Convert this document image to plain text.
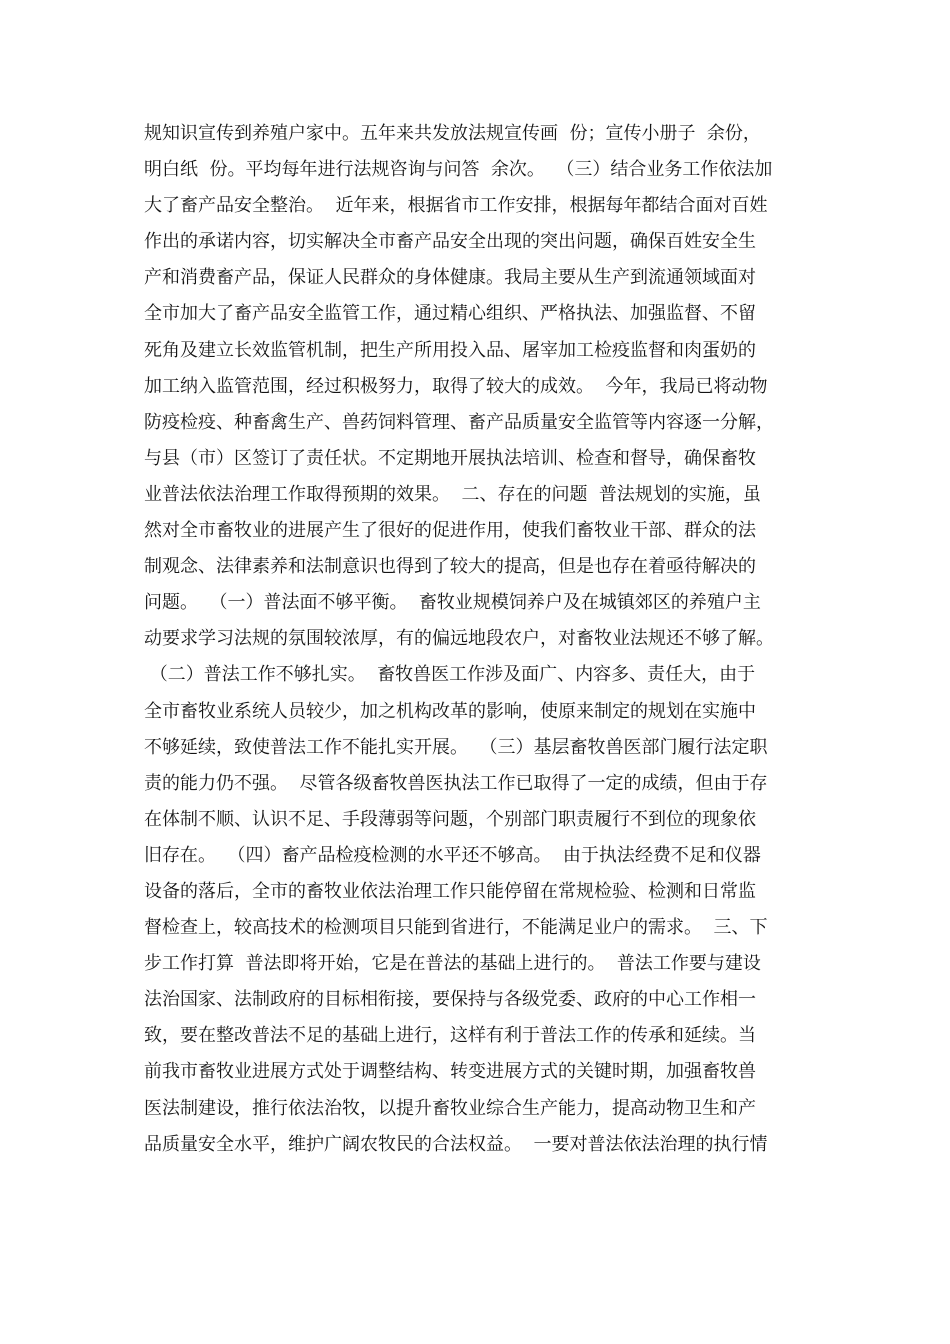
规知识宣传到养殖户家中。五年来共发放法规宣传画  份；宣传小册子  余份，
明白纸  份。平均每年进行法规咨询与问答  余次。  （三）结合业务工作依法加
大了畜产品安全整治。  近年来，根据省市工作安排，根据每年都结合面对百姓
作出的承诺内容，切实解决全市畜产品安全出现的突出问题，确保百姓安全生
产和消费畜产品，保证人民群众的身体健康。我局主要从生产到流通领域面对
全市加大了畜产品安全监管工作，通过精心组织、严格执法、加强监督、不留
死角及建立长效监管机制，把生产所用投入品、屠宰加工检疫监督和肉蛋奶的
加工纳入监管范围，经过积极努力，取得了较大的成效。  今年，我局已将动物
防疫检疫、种畜禽生产、兽药饲料管理、畜产品质量安全监管等内容逐一分解，
与县（市）区签订了责任状。不定期地开展执法培训、检查和督导，确保畜牧
业普法依法治理工作取得预期的效果。  二、存在的问题  普法规划的实施，虽
然对全市畜牧业的进展产生了很好的促进作用，使我们畜牧业干部、群众的法
制观念、法律素养和法制意识也得到了较大的提高，但是也存在着亟待解决的
问题。  （一）普法面不够平衡。  畜牧业规模饲养户及在城镇郊区的养殖户主
动要求学习法规的氛围较浓厚，有的偏远地段农户，对畜牧业法规还不够了解。
（二）普法工作不够扎实。  畜牧兽医工作涉及面广、内容多、责任大，由于
全市畜牧业系统人员较少，加之机构改革的影响，使原来制定的规划在实施中
不够延续，致使普法工作不能扎实开展。  （三）基层畜牧兽医部门履行法定职
责的能力仍不强。  尽管各级畜牧兽医执法工作已取得了一定的成绩，但由于存
在体制不顺、认识不足、手段薄弱等问题，个别部门职责履行不到位的现象依
旧存在。  （四）畜产品检疫检测的水平还不够高。  由于执法经费不足和仪器
设备的落后，全市的畜牧业依法治理工作只能停留在常规检验、检测和日常监
督检查上，较高技术的检测项目只能到省进行，不能满足业户的需求。  三、下
步工作打算  普法即将开始，它是在普法的基础上进行的。  普法工作要与建设
法治国家、法制政府的目标相衔接，要保持与各级党委、政府的中心工作相一
致，要在整改普法不足的基础上进行，这样有利于普法工作的传承和延续。当
前我市畜牧业进展方式处于调整结构、转变进展方式的关键时期，加强畜牧兽
医法制建设，推行依法治牧，以提升畜牧业综合生产能力，提高动物卫生和产
品质量安全水平，维护广阔农牧民的合法权益。  一要对普法依法治理的执行情
